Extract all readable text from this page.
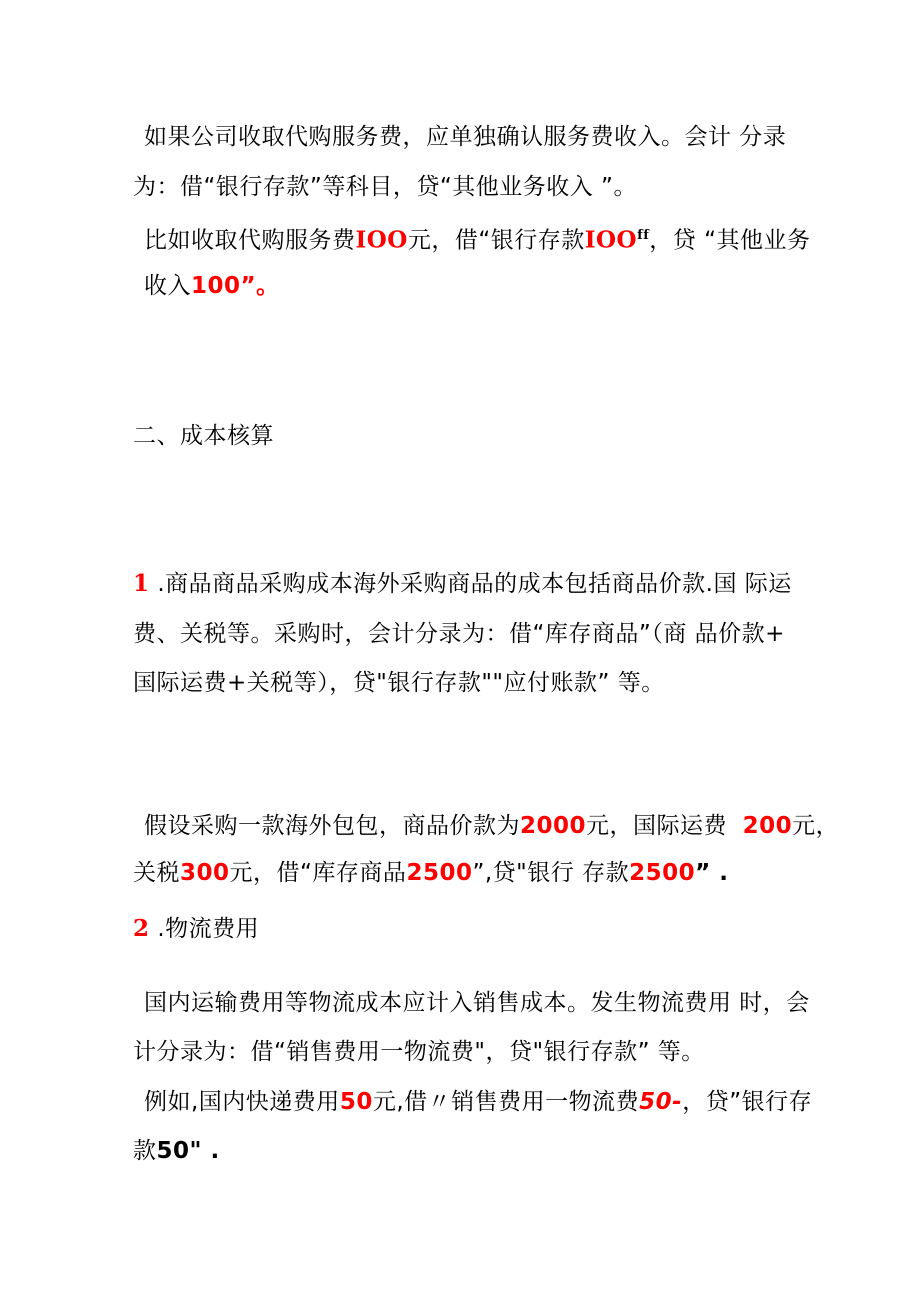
如果公司收取代购服务费，应单独确认服务费收入。会计 分录
为：借“银行存款”等科目，贷“其他业务收入 ”。
比如收取代购服务费IOO元，借“银行存款$IOO^{ff}$，贷 “其他业务
收入100”。
二、成本核算
1 .商品商品采购成本海外采购商品的成本包括商品价款.国 际运
费、关税等。采购时，会计分录为：借“库存商品”（商 品价款+
国际运费+关税等），贷"银行存款""应付账款” 等。
假设采购一款海外包包，商品价款为2000元，国际运费 200元，
关税300元，借“库存商品2500”,贷"银行 存款2500” .
2 .物流费用
国内运输费用等物流成本应计入销售成本。发生物流费用 时，会
计分录为：借“销售费用一物流费"，贷"银行存款” 等。
例如,国内快递费用50元,借〃销售费用一物流费50-，贷”银行存
款50" .
